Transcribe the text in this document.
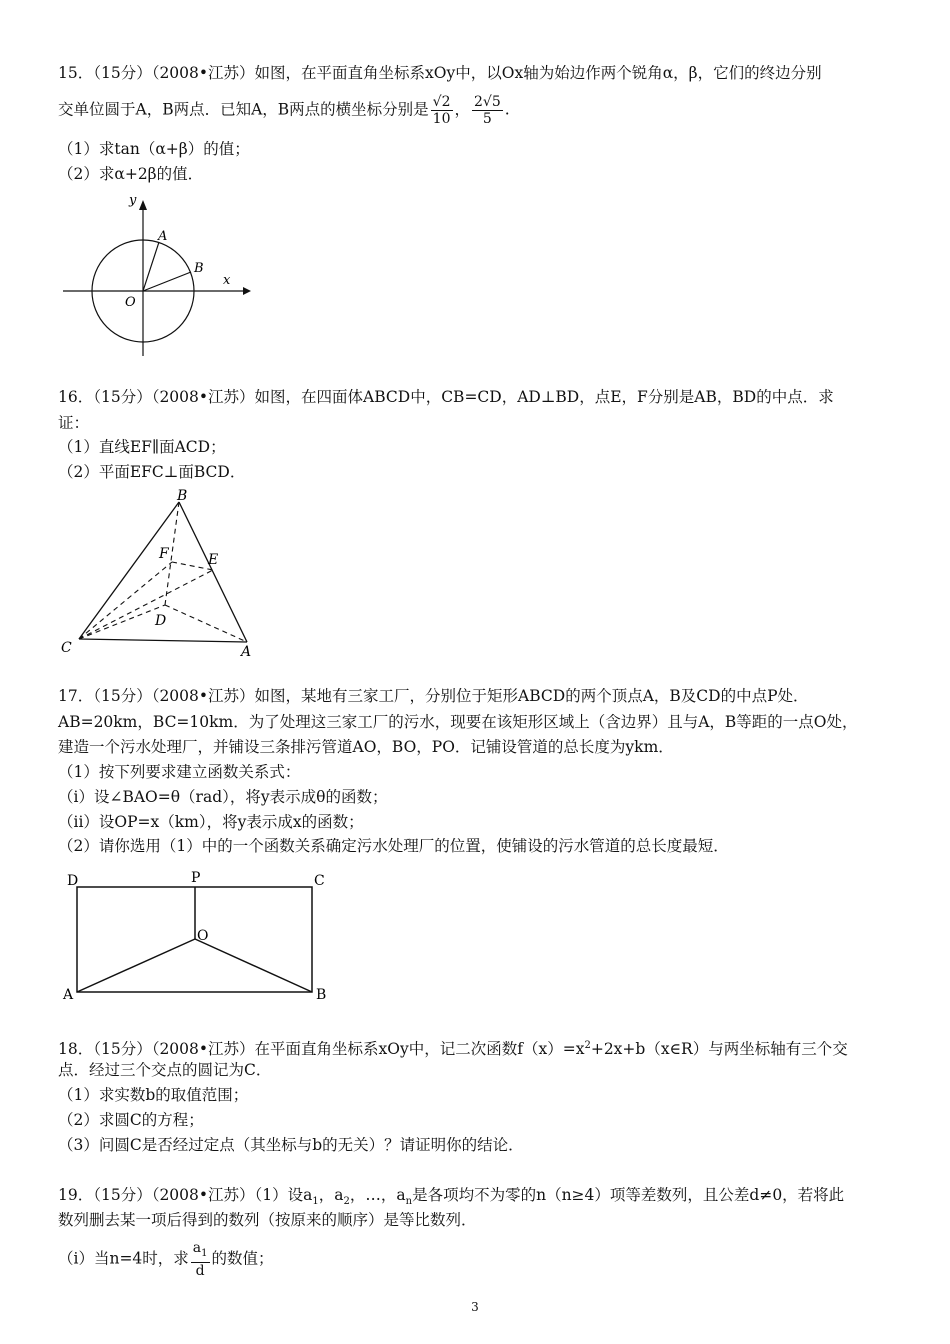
15．（15分）（2008•江苏）如图，在平面直角坐标系xOy中，以Ox轴为始边作两个锐角α，β，它们的终边分别
交单位圆于A，B两点．已知A，B两点的横坐标分别是 $\frac{√2}{10}$ ， $\frac{2√5}{5}$ .
（1）求tan（α+β）的值；
（2）求α+2β的值．
y
x
A
B
O
16．（15分）（2008•江苏）如图，在四面体ABCD中，CB=CD，AD⊥BD，点E，F分别是AB，BD的中点．求
证：
（1）直线EF∥面ACD；
（2）平面EFC⊥面BCD．
B
F	E
D
C	A
17．（15分）（2008•江苏）如图，某地有三家工厂，分别位于矩形ABCD的两个顶点A，B及CD的中点P处．
AB=20km，BC=10km．为了处理这三家工厂的污水，现要在该矩形区域上（含边界）且与A，B等距的一点O处，
建造一个污水处理厂，并铺设三条排污管道AO，BO，PO．记铺设管道的总长度为ykm．
（1）按下列要求建立函数关系式：
（i）设∠BAO=θ（rad），将y表示成θ的函数；
（ii）设OP=x（km），将y表示成x的函数；
（2）请你选用（1）中的一个函数关系确定污水处理厂的位置，使铺设的污水管道的总长度最短．
D	P	C
O
A	B
18．（15分）（2008•江苏）在平面直角坐标系xOy中，记二次函数$f(x)=x^2+2x+b(x\in R)$与两坐标轴有三个交
点．经过三个交点的圆记为C．
（1）求实数b的取值范围；
（2）求圆C的方程；
（3）问圆C是否经过定点（其坐标与b的无关）？请证明你的结论．
19．（15分）（2008•江苏）（1）设$a_1$，$a_2$，…，$a_n$是各项均不为零的n（n≥4）项等差数列，且公差d≠0，若将此
数列删去某一项后得到的数列（按原来的顺序）是等比数列．
（i）当n=4时，求 $\frac{a_1}{d}$ 的数值；
3
